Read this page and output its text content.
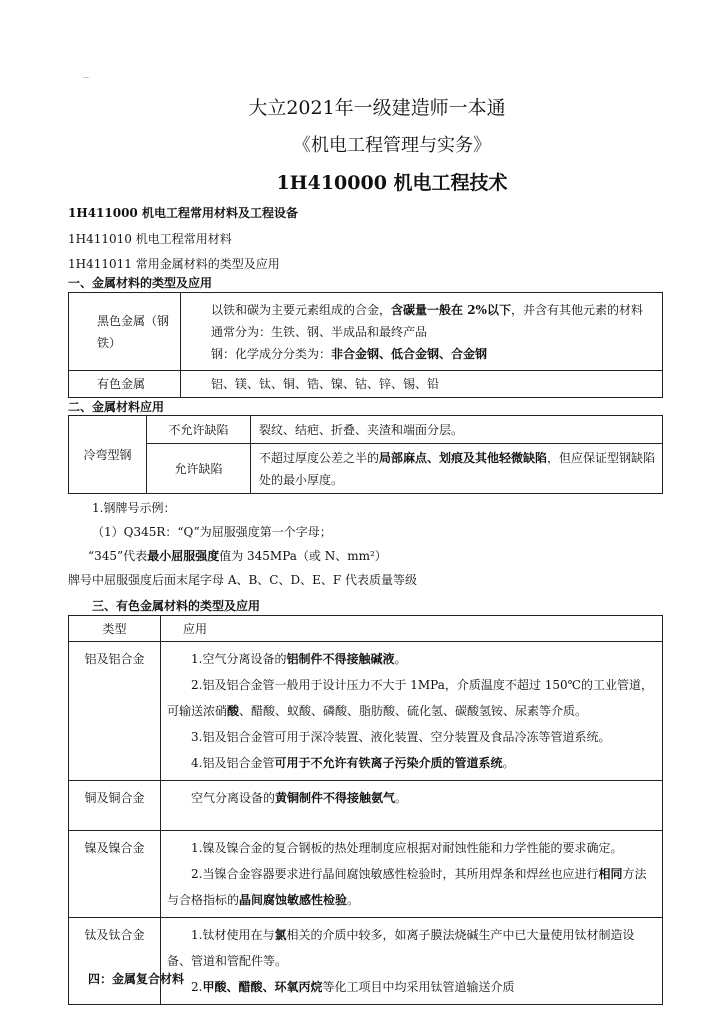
—
大立2021年一级建造师一本通
《机电工程管理与实务》
1H410000 机电工程技术
1H411000 机电工程常用材料及工程设备
1H411010 机电工程常用材料
1H411011 常用金属材料的类型及应用
一、金属材料的类型及应用
黑色金属（钢铁）	以铁和碳为主要元素组成的合金，含碳量一般在 2%以下，并含有其他元素的材料
通常分为：生铁、钢、半成品和最终产品
钢：化学成分分类为：非合金钢、低合金钢、合金钢

有色金属	铝、镁、钛、铜、锆、镍、钴、锌、锡、铅
二、金属材料应用
冷弯型钢	不允许缺陷	裂纹、结疤、折叠、夹渣和端面分层。
	允许缺陷	不超过厚度公差之半的局部麻点、划痕及其他轻微缺陷，但应保证型钢缺陷处的最小厚度。
1.钢牌号示例：
（1）Q345R：“Q”为屈服强度第一个字母；
“345”代表最小屈服强度值为 345MPa（或 N、mm²）
牌号中屈服强度后面末尾字母 A、B、C、D、E、F 代表质量等级
三、有色金属材料的类型及应用
类型	应用
铝及铝合金	1.空气分离设备的铝制件不得接触碱液。
2.铝及铝合金管一般用于设计压力不大于 1MPa，介质温度不超过 150℃的工业管道，可输送浓硝酸、醋酸、蚁酸、磷酸、脂肪酸、硫化氢、碳酸氢铵、尿素等介质。
3.铝及铝合金管可用于深冷装置、液化装置、空分装置及食品冷冻等管道系统。
4.铝及铝合金管可用于不允许有铁离子污染介质的管道系统。

铜及铜合金	空气分离设备的黄铜制件不得接触氨气。

镍及镍合金	1.镍及镍合金的复合钢板的热处理制度应根据对耐蚀性能和力学性能的要求确定。
2.当镍合金容器要求进行晶间腐蚀敏感性检验时，其所用焊条和焊丝也应进行相同方法与合格指标的晶间腐蚀敏感性检验。

钛及钛合金	1.钛材使用在与氯相关的介质中较多，如离子膜法烧碱生产中已大量使用钛材制造设备、管道和管配件等。
2.甲酸、醋酸、环氧丙烷等化工项目中均采用钛管道输送介质
四：金属复合材料
